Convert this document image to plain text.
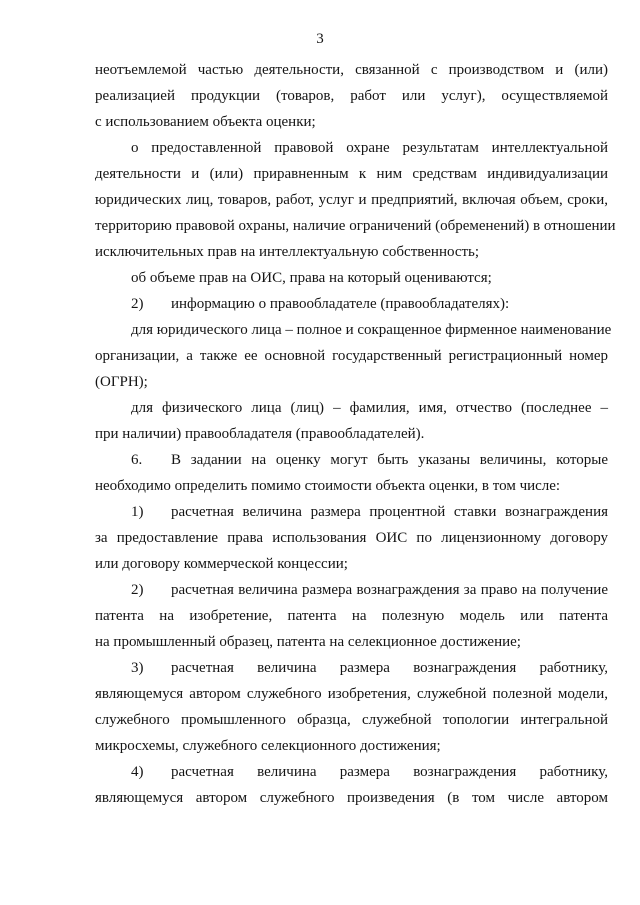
3
неотъемлемой частью деятельности, связанной с производством и (или)
реализацией продукции (товаров, работ или услуг), осуществляемой
с использованием объекта оценки;
о предоставленной правовой охране результатам интеллектуальной
деятельности и (или) приравненным к ним средствам индивидуализации
юридических лиц, товаров, работ, услуг и предприятий, включая объем, сроки,
территорию правовой охраны, наличие ограничений (обременений) в отношении
исключительных прав на интеллектуальную собственность;
об объеме прав на ОИС, права на который оцениваются;
2) информацию о правообладателе (правообладателях):
для юридического лица – полное и сокращенное фирменное наименование
организации, а также ее основной государственный регистрационный номер
(ОГРН);
для физического лица (лиц) – фамилия, имя, отчество (последнее –
при наличии) правообладателя (правообладателей).
6. В задании на оценку могут быть указаны величины, которые
необходимо определить помимо стоимости объекта оценки, в том числе:
1) расчетная величина размера процентной ставки вознаграждения
за предоставление права использования ОИС по лицензионному договору
или договору коммерческой концессии;
2) расчетная величина размера вознаграждения за право на получение
патента на изобретение, патента на полезную модель или патента
на промышленный образец, патента на селекционное достижение;
3) расчетная величина размера вознаграждения работнику,
являющемуся автором служебного изобретения, служебной полезной модели,
служебного промышленного образца, служебной топологии интегральной
микросхемы, служебного селекционного достижения;
4) расчетная величина размера вознаграждения работнику,
являющемуся автором служебного произведения (в том числе автором
